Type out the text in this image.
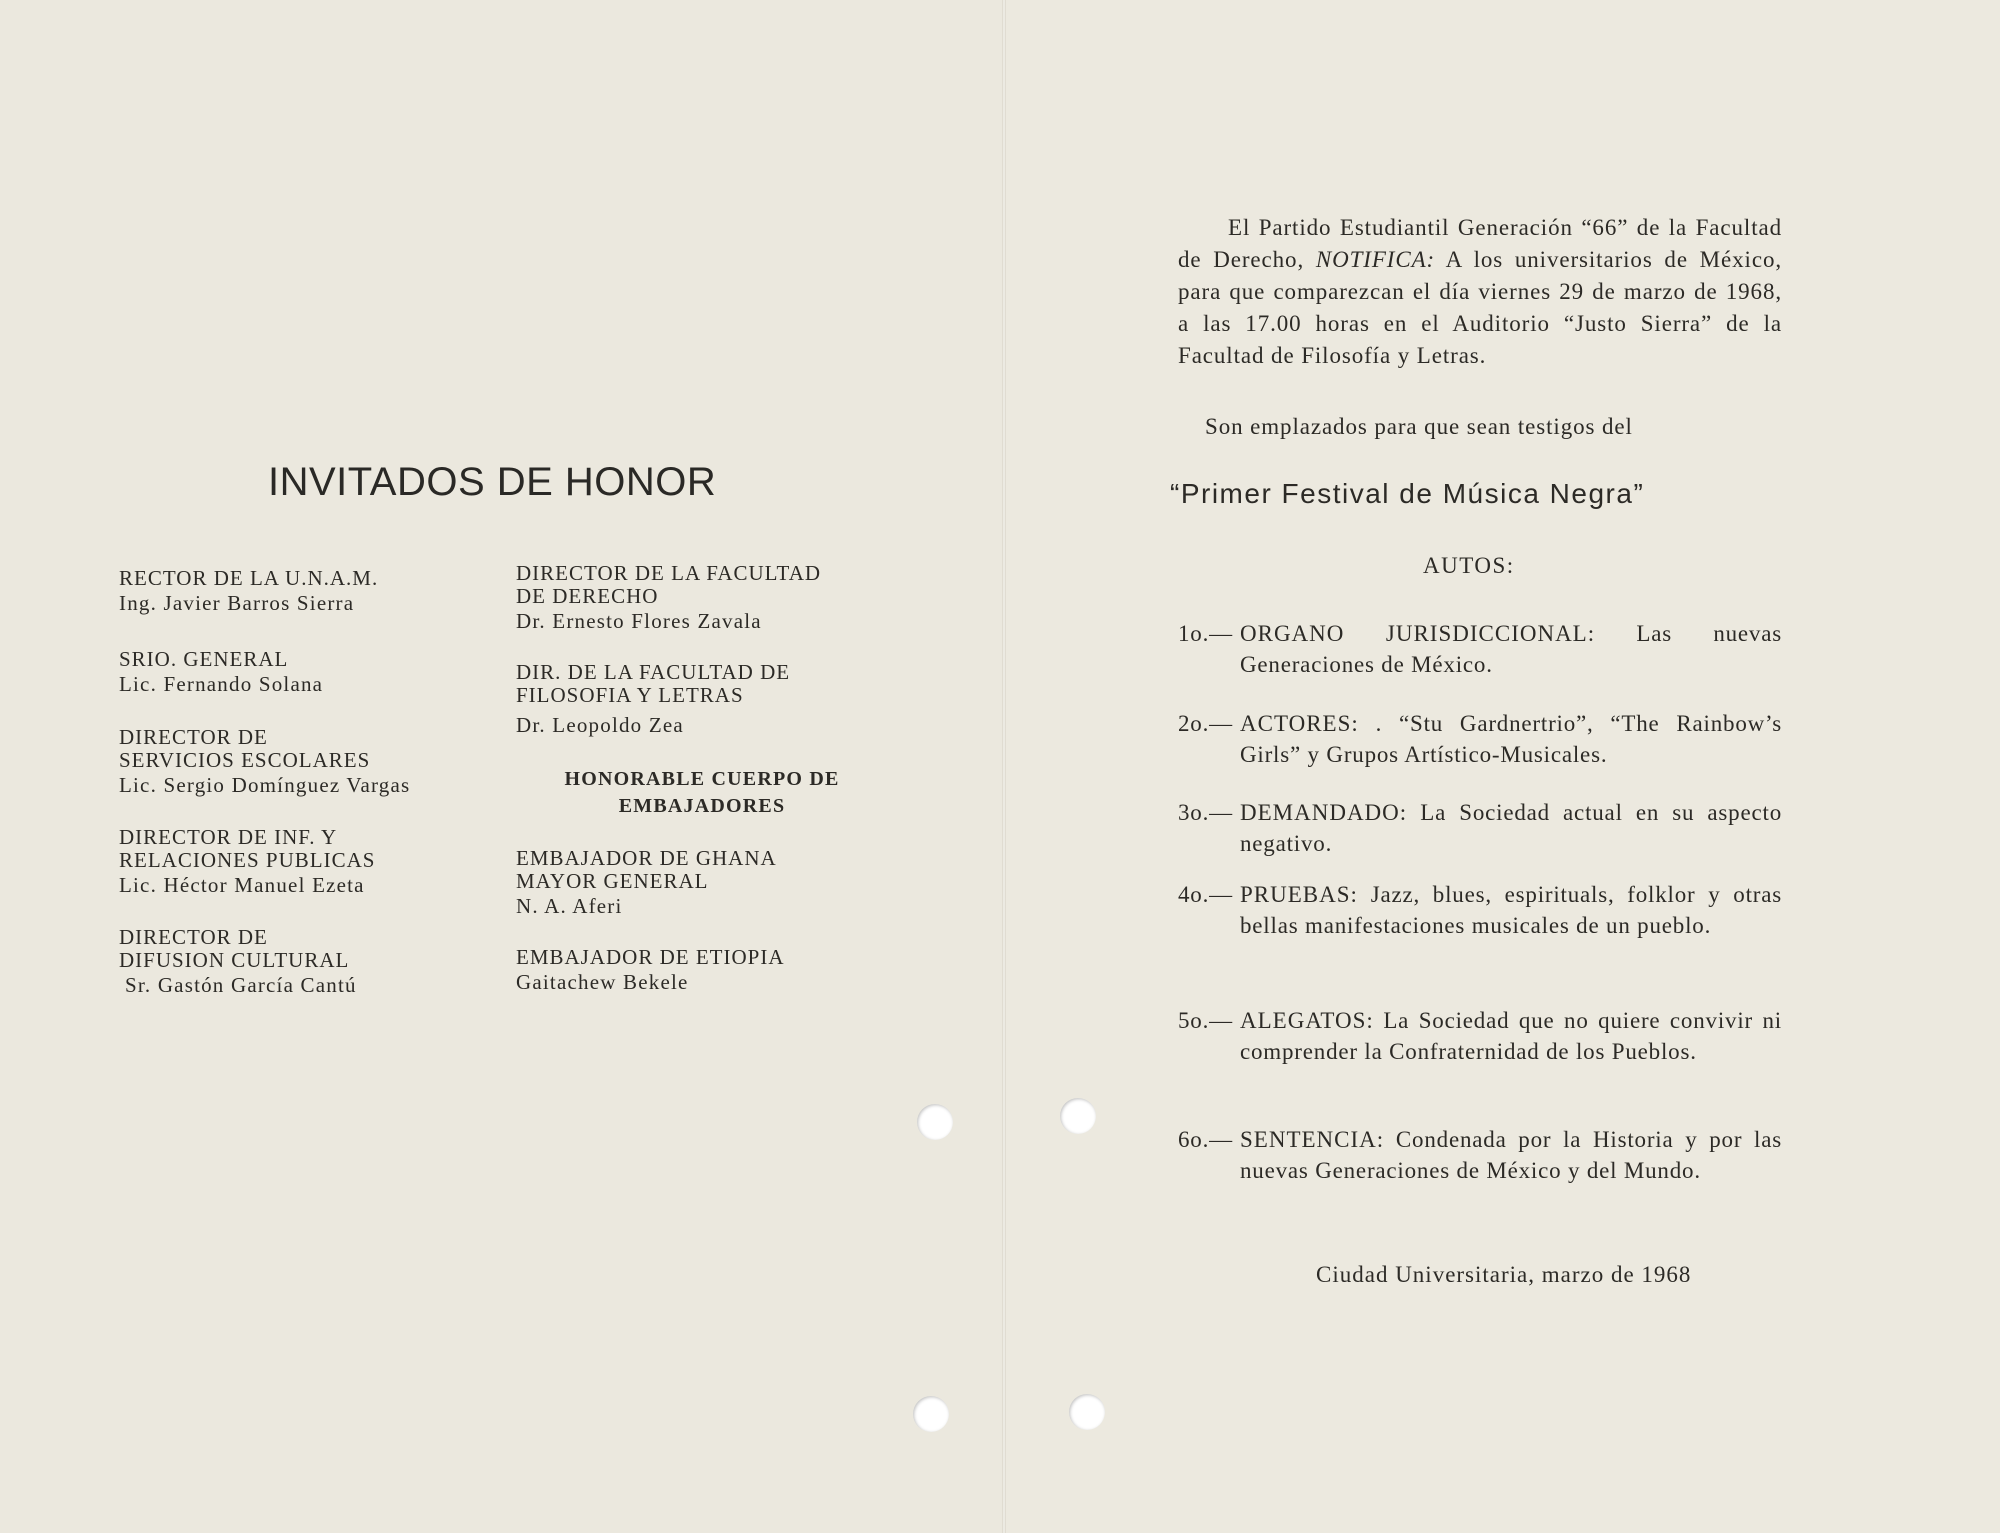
INVITADOS DE HONOR
RECTOR DE LA U.N.A.M.
Ing. Javier Barros Sierra
SRIO. GENERAL
Lic. Fernando Solana
DIRECTOR DE
SERVICIOS ESCOLARES
Lic. Sergio Domínguez Vargas
DIRECTOR DE INF. Y
RELACIONES PUBLICAS
Lic. Héctor Manuel Ezeta
DIRECTOR DE
DIFUSION CULTURAL
Sr. Gastón García Cantú
DIRECTOR DE LA FACULTAD
DE DERECHO
Dr. Ernesto Flores Zavala
DIR. DE LA FACULTAD DE
FILOSOFIA Y LETRAS
Dr. Leopoldo Zea
HONORABLE CUERPO DE
EMBAJADORES
EMBAJADOR DE GHANA
MAYOR GENERAL
N. A. Aferi
EMBAJADOR DE ETIOPIA
Gaitachew Bekele

El Partido Estudiantil Generación “66” de la Facultad de Derecho, NOTIFICA: A los universitarios de México, para que comparezcan el día viernes 29 de marzo de 1968, a las 17.00 horas en el Auditorio “Justo Sierra” de la Facultad de Filosofía y Letras.

Son emplazados para que sean testigos del
“Primer Festival de Música Negra”
AUTOS:
1o.— ORGANO JURISDICCIONAL: Las nuevas Generaciones de México.
2o.— ACTORES: . “Stu Gardnertrio”, “The Rainbow’s Girls” y Grupos Artístico-Musicales.
3o.— DEMANDADO: La Sociedad actual en su aspecto negativo.
4o.— PRUEBAS: Jazz, blues, espirituals, folklor y otras bellas manifestaciones musicales de un pueblo.
5o.— ALEGATOS: La Sociedad que no quiere convivir ni comprender la Confraternidad de los Pueblos.
6o.— SENTENCIA: Condenada por la Historia y por las nuevas Generaciones de México y del Mundo.
Ciudad Universitaria, marzo de 1968
